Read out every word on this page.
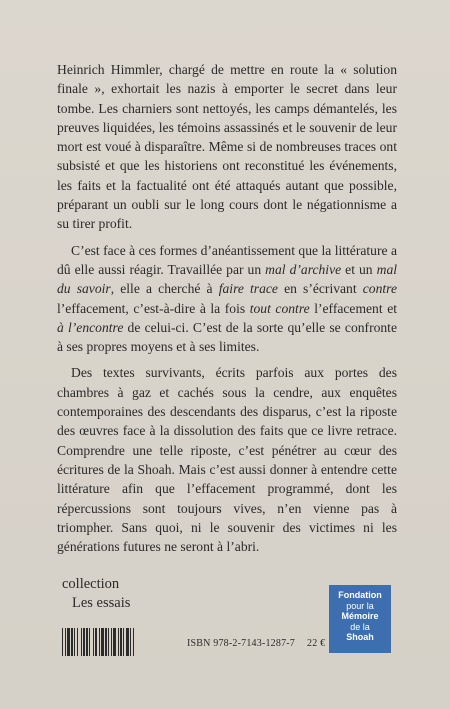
Heinrich Himmler, chargé de mettre en route la « solution finale », exhortait les nazis à emporter le secret dans leur tombe. Les charniers sont nettoyés, les camps démantelés, les preuves liquidées, les témoins assassinés et le souvenir de leur mort est voué à disparaître. Même si de nombreuses traces ont subsisté et que les historiens ont reconstitué les événements, les faits et la factualité ont été attaqués autant que possible, préparant un oubli sur le long cours dont le négationnisme a su tirer profit.

C’est face à ces formes d’anéantissement que la littérature a dû elle aussi réagir. Travaillée par un mal d’archive et un mal du savoir, elle a cherché à faire trace en s’écrivant contre l’effacement, c’est-à-dire à la fois tout contre l’effacement et à l’encontre de celui-ci. C’est de la sorte qu’elle se confronte à ses propres moyens et à ses limites.

Des textes survivants, écrits parfois aux portes des chambres à gaz et cachés sous la cendre, aux enquêtes contemporaines des descendants des disparus, c’est la riposte des œuvres face à la dissolution des faits que ce livre retrace. Comprendre une telle riposte, c’est pénétrer au cœur des écritures de la Shoah. Mais c’est aussi donner à entendre cette littérature afin que l’effacement programmé, dont les répercussions sont toujours vives, n’en vienne pas à triompher. Sans quoi, ni le souvenir des victimes ni les générations futures ne seront à l’abri.

collection
Les essais
ISBN 978-2-7143-1287-7 22 €
Fondation
pour la
Mémoire
de la
Shoah
